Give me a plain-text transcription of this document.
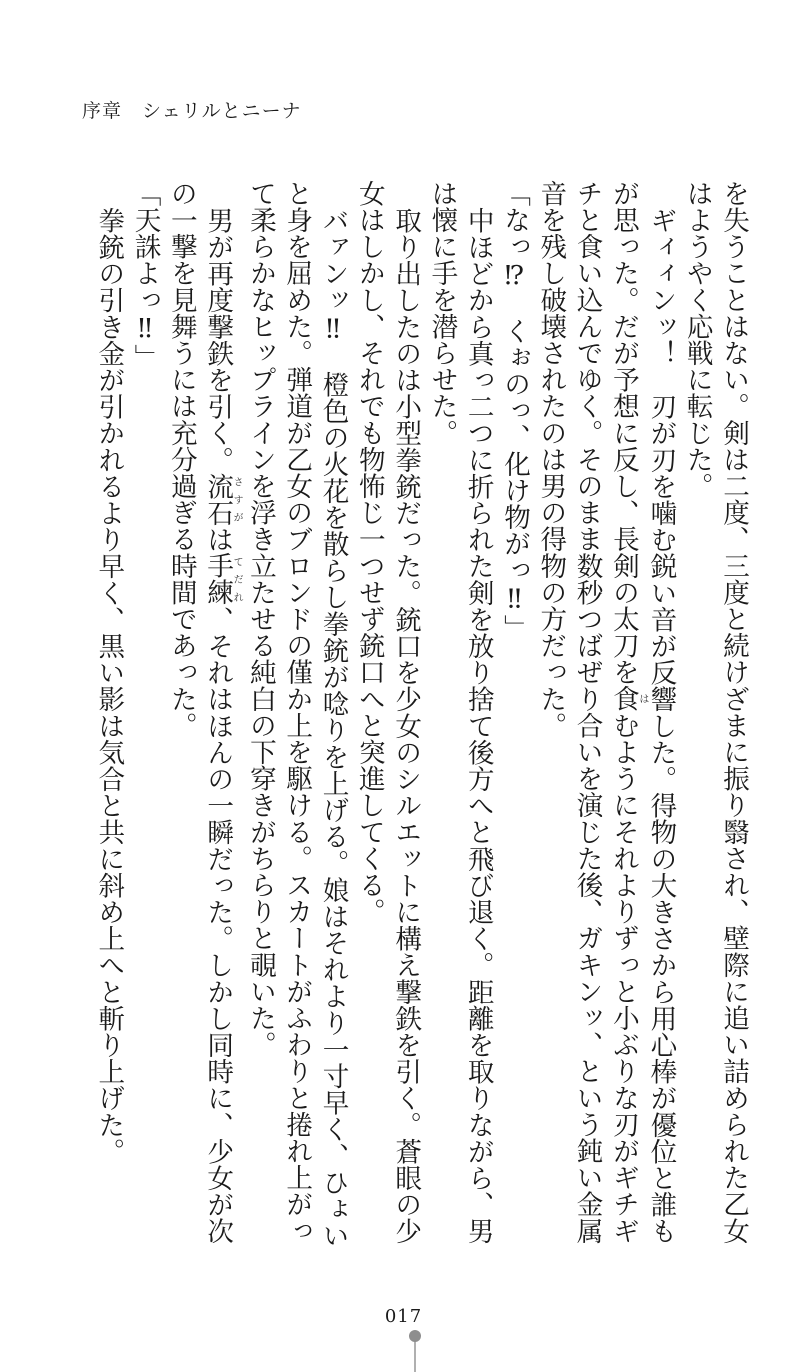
序章　 シェリルとニーナ

を失うことはない。剣は二度、三度と続けざまに振り翳され、壁際に追い詰められた乙女はようやく応戦に転じた。

ギィィンッ！　刃が刃を噛む鋭い音が反響した。得物の大きさから用心棒が優位と誰もが思った。だが予想に反し、長剣の太刀を食はむようにそれよりずっと小ぶりな刃がギチギチと食い込んでゆく。そのまま数秒つばぜり合いを演じた後、ガキンッ、という鈍い金属音を残し破壊されたのは男の得物の方だった。

「なっ⁉　くぉのっ、化け物がっ‼」

中ほどから真っ二つに折られた剣を放り捨て後方へと飛び退く。距離を取りながら、男は懐に手を潜らせた。

取り出したのは小型拳銃だった。銃口を少女のシルエットに構え撃鉄を引く。蒼眼の少女はしかし、それでも物怖じ一つせず銃口へと突進してくる。

バァンッ‼　橙色の火花を散らし拳銃が唸りを上げる。娘はそれより一寸早く、ひょいと身を屈めた。弾道が乙女のブロンドの僅か上を駆ける。スカートがふわりと捲れ上がって柔らかなヒップラインを浮き立たせる純白の下穿きがちらりと覗いた。

男が再度撃鉄を引く。流石さすがは手練てだれ、それはほんの一瞬だった。しかし同時に、少女が次の一撃を見舞うには充分過ぎる時間であった。

「天誅よっ‼」

拳銃の引き金が引かれるより早く、黒い影は気合と共に斜め上へと斬り上げた。

017
